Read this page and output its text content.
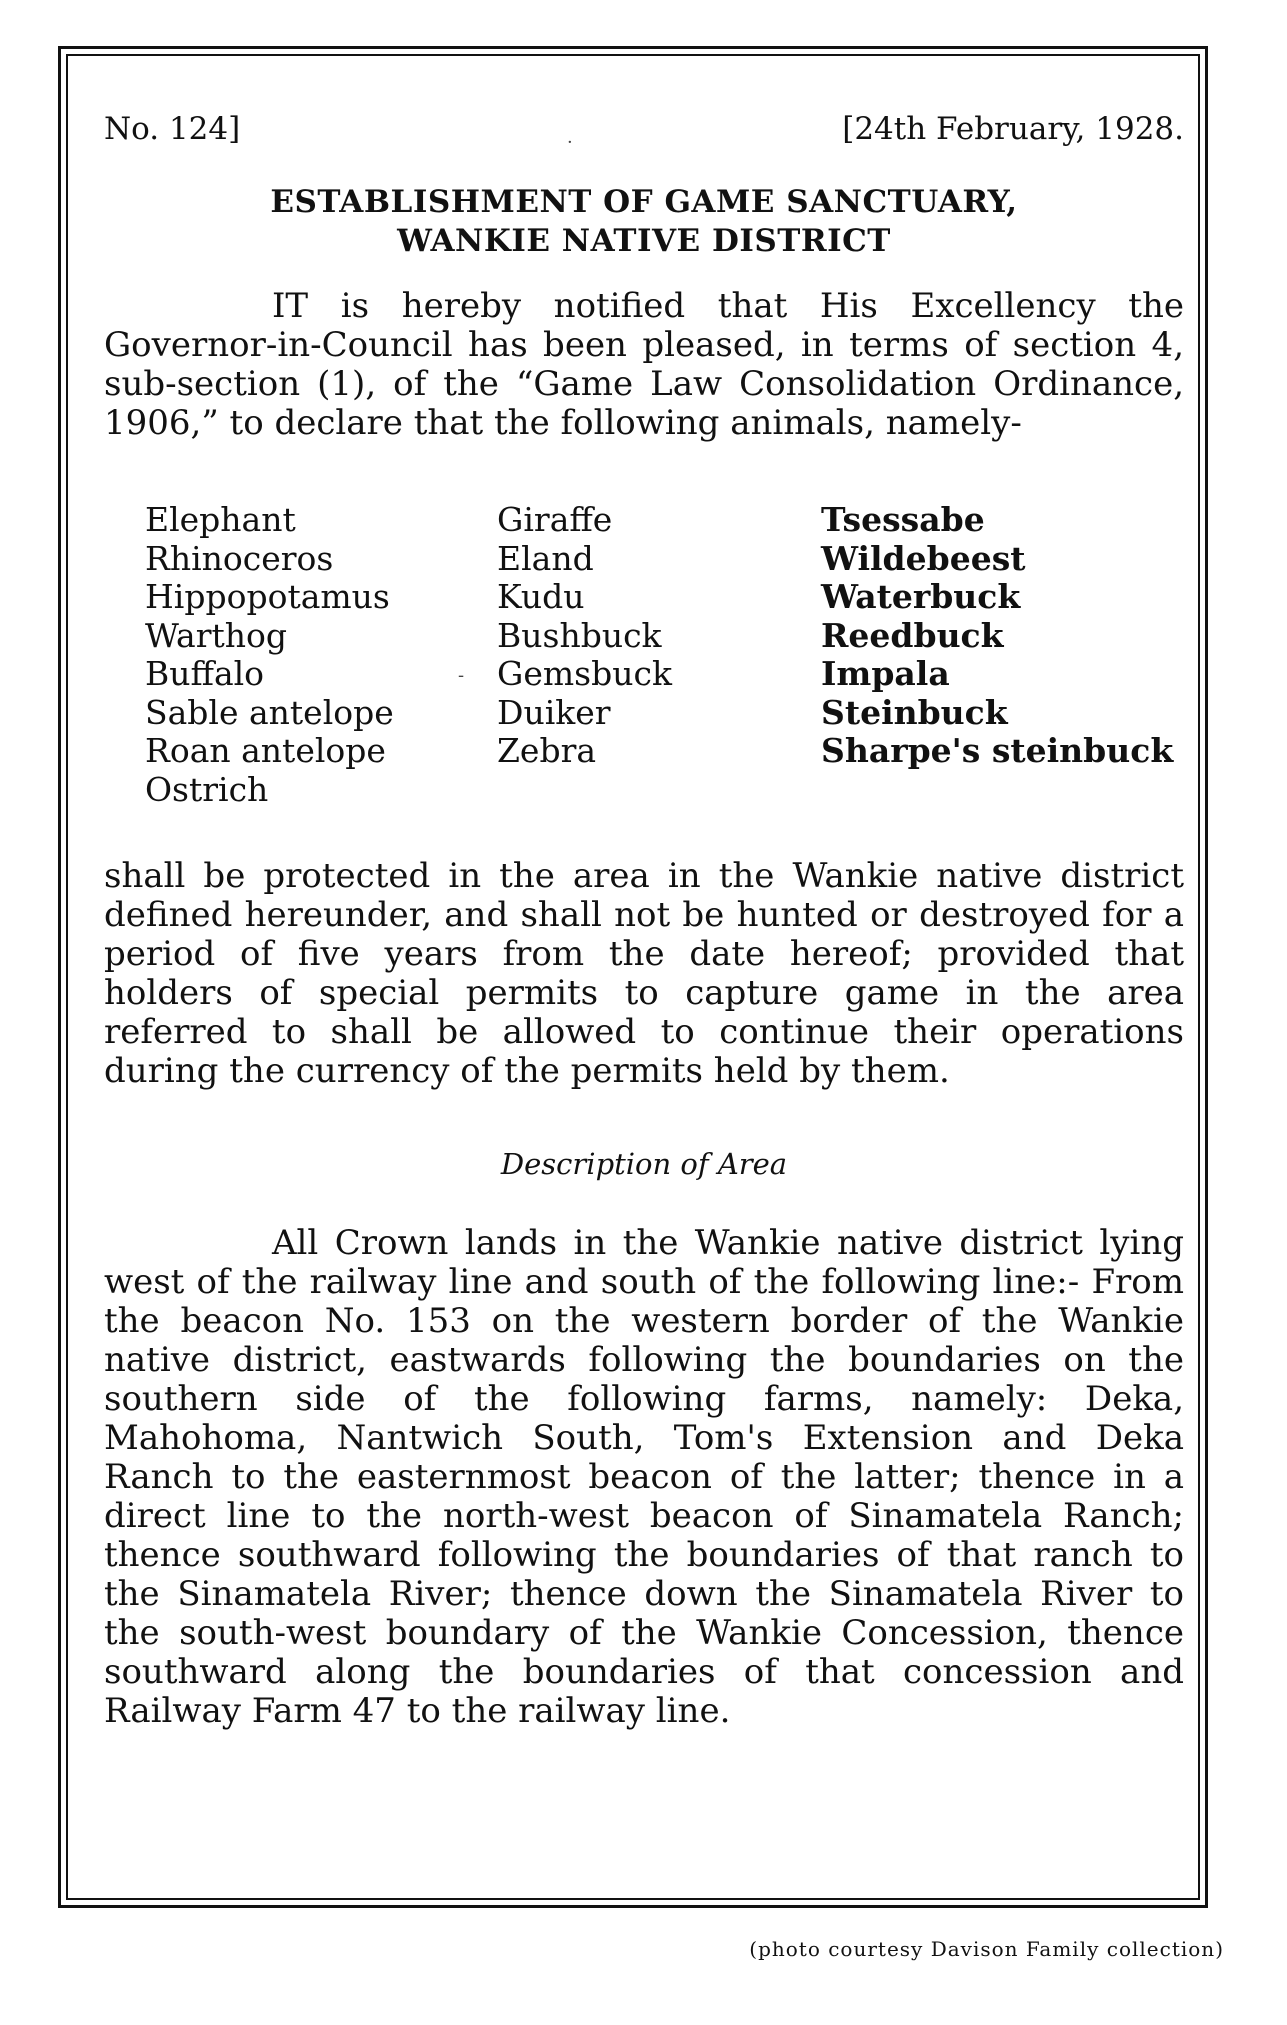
No. 124]	[24th February, 1928.
ESTABLISHMENT OF GAME SANCTUARY,
WANKIE NATIVE DISTRICT

IT is hereby notified that His Excellency the Governor-in-Council has been pleased, in terms of section 4, sub-section (1), of the “Game Law Consolidation Ordinance, 1906,” to declare that the following animals, namely-

Elephant
Rhinoceros
Hippopotamus
Warthog
Buffalo
Sable antelope
Roan antelope
Ostrich
Giraffe
Eland
Kudu
Bushbuck
Gemsbuck
Duiker
Zebra
Tsessabe
Wildebeest
Waterbuck
Reedbuck
Impala
Steinbuck
Sharpe's steinbuck

shall be protected in the area in the Wankie native district defined hereunder, and shall not be hunted or destroyed for a period of five years from the date hereof; provided that holders of special permits to capture game in the area referred to shall be allowed to continue their operations during the currency of the permits held by them.

Description of Area

All Crown lands in the Wankie native district lying west of the railway line and south of the following line:- From the beacon No. 153 on the western border of the Wankie native district, eastwards following the boundaries on the southern side of the following farms, namely: Deka, Mahohoma, Nantwich South, Tom's Extension and Deka Ranch to the easternmost beacon of the latter; thence in a direct line to the north-west beacon of Sinamatela Ranch; thence southward following the boundaries of that ranch to the Sinamatela River; thence down the Sinamatela River to the south-west boundary of the Wankie Concession, thence southward along the boundaries of that concession and Railway Farm 47 to the railway line.

·
-
(photo courtesy Davison Family collection)
